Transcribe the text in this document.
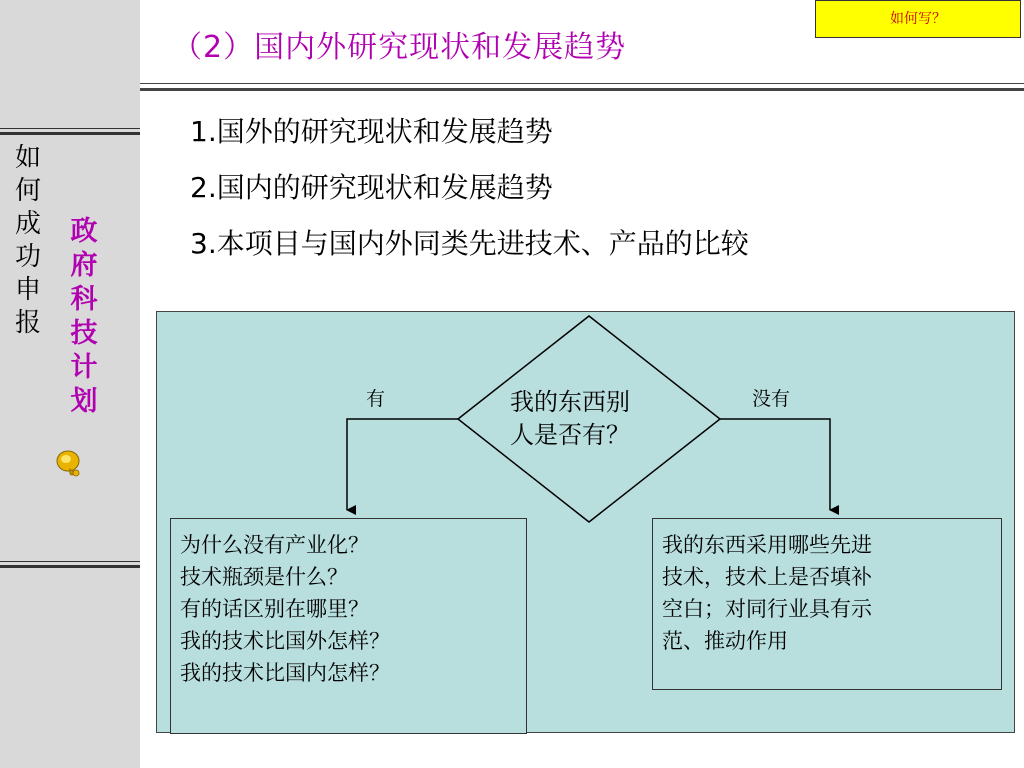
如
何
成
功
申
报
政
府
科
技
计
划
如何写？
（2）国内外研究现状和发展趋势
1.国外的研究现状和发展趋势
2.国内的研究现状和发展趋势
3.本项目与国内外同类先进技术、产品的比较
有	没有
我的东西别
人是否有？
为什么没有产业化？
技术瓶颈是什么？
有的话区别在哪里？
我的技术比国外怎样？
我的技术比国内怎样？
我的东西采用哪些先进
技术，技术上是否填补
空白；对同行业具有示
范、推动作用
